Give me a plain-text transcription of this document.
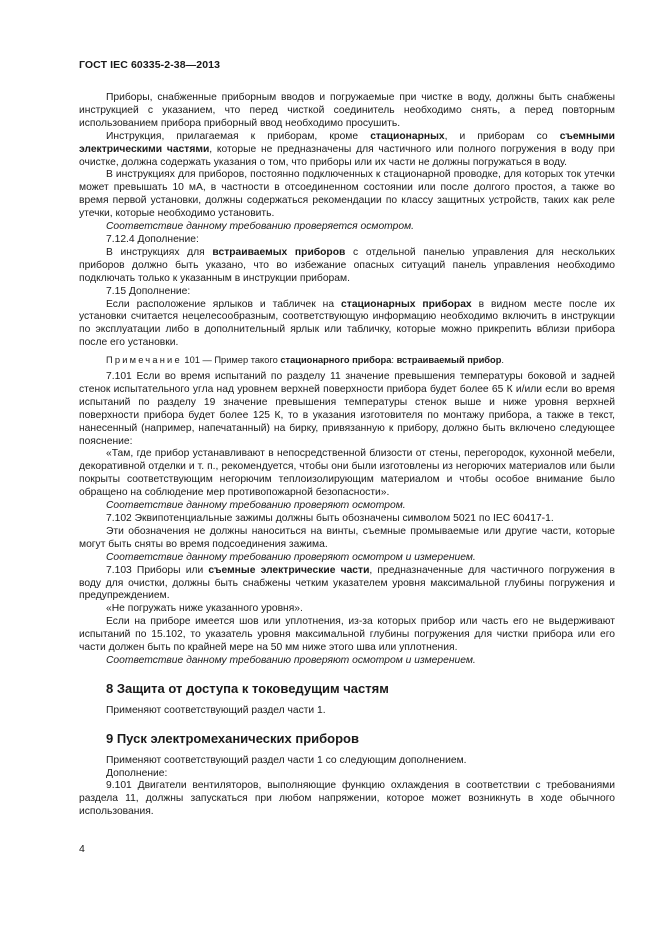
ГОСТ IEC 60335-2-38—2013

Приборы, снабженные приборным вводов и погружаемые при чистке в воду, должны быть снабжены инструкцией с указанием, что перед чисткой соединитель необходимо снять, а перед повторным использованием прибора приборный ввод необходимо просушить.

Инструкция, прилагаемая к приборам, кроме стационарных, и приборам со съемными электрическими частями, которые не предназначены для частичного или полного погружения в воду при очистке, должна содержать указания о том, что приборы или их части не должны погружаться в воду.

В инструкциях для приборов, постоянно подключенных к стационарной проводке, для которых ток утечки может превышать 10 мА, в частности в отсоединенном состоянии или после долгого простоя, а также во время первой установки, должны содержаться рекомендации по классу защитных устройств, таких как реле утечки, которые необходимо установить.

Соответствие данному требованию проверяется осмотром.

7.12.4 Дополнение:

В инструкциях для встраиваемых приборов с отдельной панелью управления для нескольких приборов должно быть указано, что во избежание опасных ситуаций панель управления необходимо подключать только к указанным в инструкции приборам.

7.15 Дополнение:

Если расположение ярлыков и табличек на стационарных приборах в видном месте после их установки считается нецелесообразным, соответствующую информацию необходимо включить в инструкции по эксплуатации либо в дополнительный ярлык или табличку, которые можно прикрепить вблизи прибора после его установки.

Примечание 101 — Пример такого стационарного прибора: встраиваемый прибор.

7.101 Если во время испытаний по разделу 11 значение превышения температуры боковой и задней стенок испытательного угла над уровнем верхней поверхности прибора будет более 65 К и/или если во время испытаний по разделу 19 значение превышения температуры стенок выше и ниже уровня верхней поверхности прибора будет более 125 К, то в указания изготовителя по монтажу прибора, а также в текст, нанесенный (например, напечатанный) на бирку, привязанную к прибору, должно быть включено следующее пояснение:

«Там, где прибор устанавливают в непосредственной близости от стены, перегородок, кухонной мебели, декоративной отделки и т. п., рекомендуется, чтобы они были изготовлены из негорючих материалов или были покрыты соответствующим негорючим теплоизолирующим материалом и чтобы особое внимание было обращено на соблюдение мер противопожарной безопасности».

Соответствие данному требованию проверяют осмотром.

7.102 Эквипотенциальные зажимы должны быть обозначены символом 5021 по IEC 60417-1.

Эти обозначения не должны наноситься на винты, съемные промываемые или другие части, которые могут быть сняты во время подсоединения зажима.

Соответствие данному требованию проверяют осмотром и измерением.

7.103 Приборы или съемные электрические части, предназначенные для частичного погружения в воду для очистки, должны быть снабжены четким указателем уровня максимальной глубины погружения и предупреждением.

«Не погружать ниже указанного уровня».

Если на приборе имеется шов или уплотнения, из-за которых прибор или часть его не выдерживают испытаний по 15.102, то указатель уровня максимальной глубины погружения для чистки прибора или его части должен быть по крайней мере на 50 мм ниже этого шва или уплотнения.

Соответствие данному требованию проверяют осмотром и измерением.

8 Защита от доступа к токоведущим частям

Применяют соответствующий раздел части 1.

9 Пуск электромеханических приборов

Применяют соответствующий раздел части 1 со следующим дополнением.

Дополнение:

9.101 Двигатели вентиляторов, выполняющие функцию охлаждения в соответствии с требованиями раздела 11, должны запускаться при любом напряжении, которое может возникнуть в ходе обычного использования.

4
